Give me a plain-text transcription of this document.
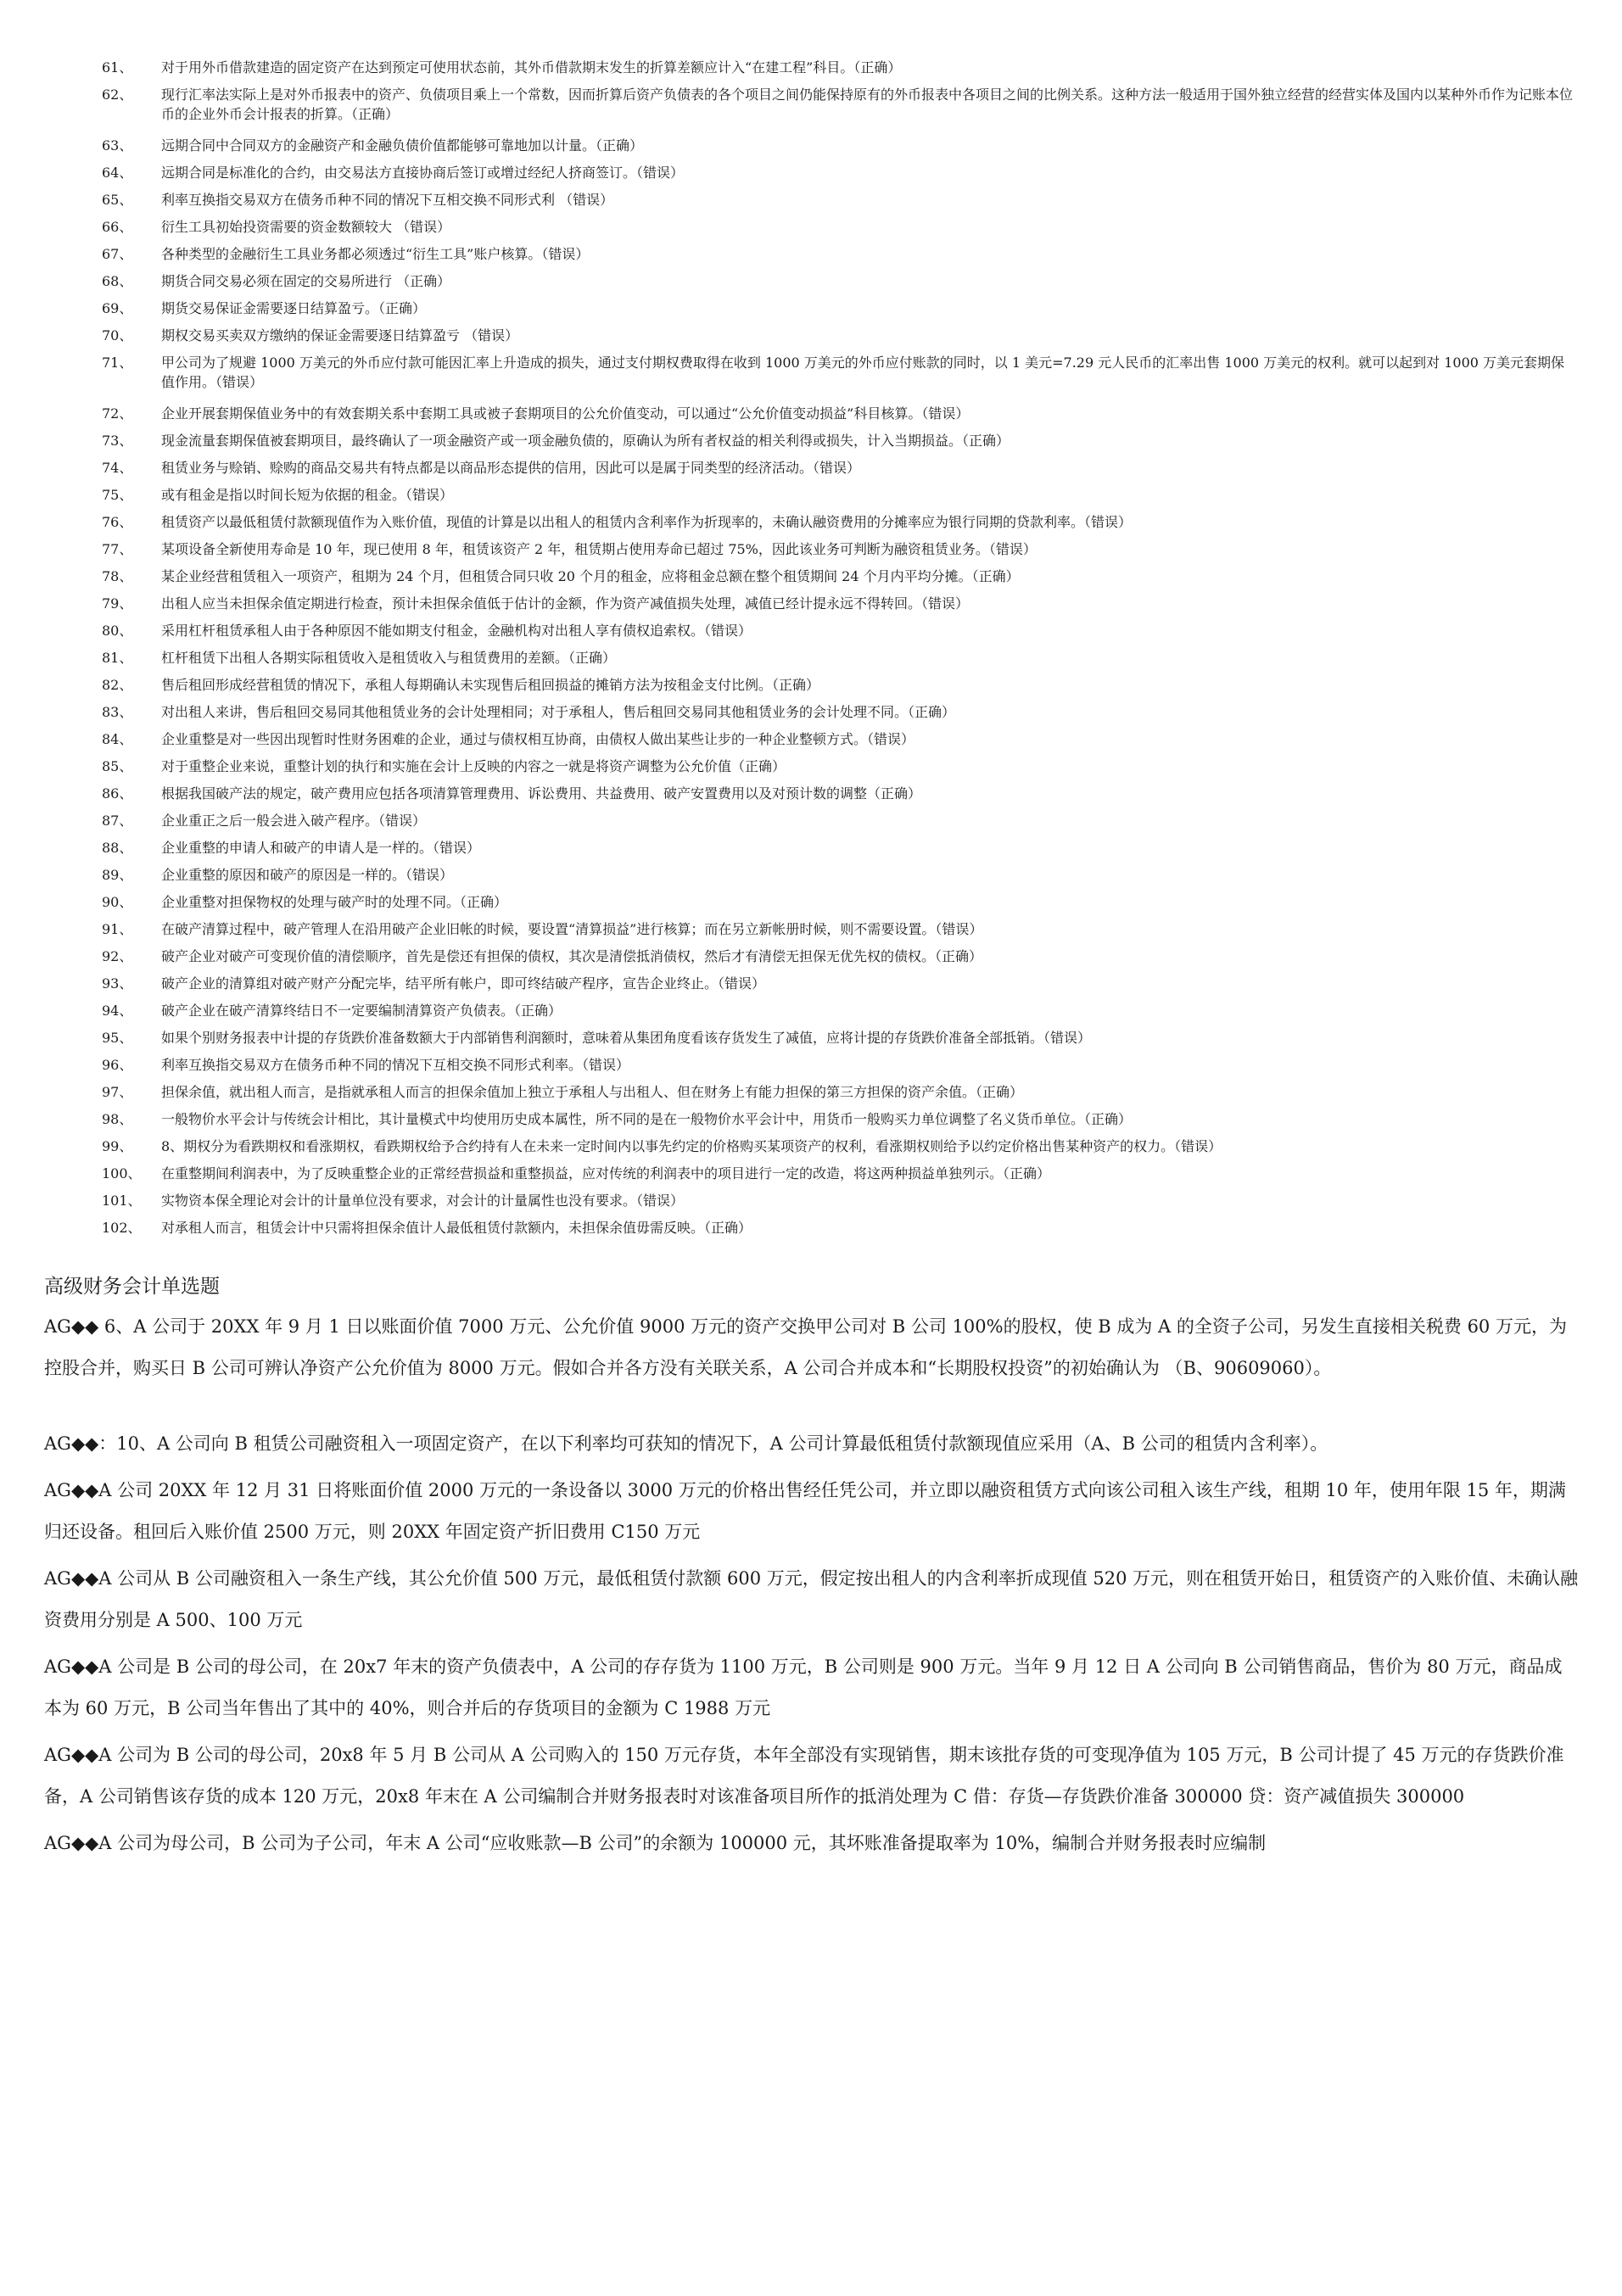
61、	对于用外币借款建造的固定资产在达到预定可使用状态前，其外币借款期末发生的折算差额应计入“在建工程”科目。（正确）
62、	现行汇率法实际上是对外币报表中的资产、负债项目乘上一个常数，因而折算后资产负债表的各个项目之间仍能保持原有的外币报表中各项目之间的比例关系。这种方法一般适用于国外独立经营的经营实体及国内以某种外币作为记账本位币的企业外币会计报表的折算。（正确）
63、	远期合同中合同双方的金融资产和金融负债价值都能够可靠地加以计量。（正确）
64、	远期合同是标准化的合约，由交易法方直接协商后签订或增过经纪人挤商签订。（错误）
65、	利率互换指交易双方在债务币种不同的情况下互相交换不同形式利 （错误）
66、	衍生工具初始投资需要的资金数额较大 （错误）
67、	各种类型的金融衍生工具业务都必须透过“衍生工具”账户核算。（错误）
68、	期货合同交易必须在固定的交易所进行 （正确）
69、	期货交易保证金需要逐日结算盈亏。（正确）
70、	期权交易买卖双方缴纳的保证金需要逐日结算盈亏 （错误）
71、	甲公司为了规避 1000 万美元的外币应付款可能因汇率上升造成的损失，通过支付期权费取得在收到 1000 万美元的外币应付账款的同时，以 1 美元=7.29 元人民币的汇率出售 1000 万美元的权利。就可以起到对 1000 万美元套期保值作用。（错误）
72、	企业开展套期保值业务中的有效套期关系中套期工具或被子套期项目的公允价值变动，可以通过“公允价值变动损益”科目核算。（错误）
73、	现金流量套期保值被套期项目，最终确认了一项金融资产或一项金融负债的，原确认为所有者权益的相关利得或损失，计入当期损益。（正确）
74、	租赁业务与赊销、赊购的商品交易共有特点都是以商品形态提供的信用，因此可以是属于同类型的经济活动。（错误）
75、	或有租金是指以时间长短为依据的租金。（错误）
76、	租赁资产以最低租赁付款额现值作为入账价值，现值的计算是以出租人的租赁内含利率作为折现率的，未确认融资费用的分摊率应为银行同期的贷款利率。（错误）
77、	某项设备全新使用寿命是 10 年，现已使用 8 年，租赁该资产 2 年，租赁期占使用寿命已超过 75%，因此该业务可判断为融资租赁业务。（错误）
78、	某企业经营租赁租入一项资产，租期为 24 个月，但租赁合同只收 20 个月的租金，应将租金总额在整个租赁期间 24 个月内平均分摊。（正确）
79、	出租人应当未担保余值定期进行检查，预计未担保余值低于估计的金额，作为资产减值损失处理，减值已经计提永远不得转回。（错误）
80、	采用杠杆租赁承租人由于各种原因不能如期支付租金，金融机构对出租人享有债权追索权。（错误）
81、	杠杆租赁下出租人各期实际租赁收入是租赁收入与租赁费用的差额。（正确）
82、	售后租回形成经营租赁的情况下，承租人每期确认未实现售后租回损益的摊销方法为按租金支付比例。（正确）
83、	对出租人来讲，售后租回交易同其他租赁业务的会计处理相同；对于承租人，售后租回交易同其他租赁业务的会计处理不同。（正确）
84、	企业重整是对一些因出现暂时性财务困难的企业，通过与债权相互协商，由债权人做出某些让步的一种企业整顿方式。（错误）
85、	对于重整企业来说，重整计划的执行和实施在会计上反映的内容之一就是将资产调整为公允价值（正确）
86、	根据我国破产法的规定，破产费用应包括各项清算管理费用、诉讼费用、共益费用、破产安置费用以及对预计数的调整（正确）
87、	企业重正之后一般会进入破产程序。（错误）
88、	企业重整的申请人和破产的申请人是一样的。（错误）
89、	企业重整的原因和破产的原因是一样的。（错误）
90、	企业重整对担保物权的处理与破产时的处理不同。（正确）
91、	在破产清算过程中，破产管理人在沿用破产企业旧帐的时候，要设置“清算损益”进行核算；而在另立新帐册时候，则不需要设置。（错误）
92、	破产企业对破产可变现价值的清偿顺序，首先是偿还有担保的债权，其次是清偿抵消债权，然后才有清偿无担保无优先权的债权。（正确）
93、	破产企业的清算组对破产财产分配完毕，结平所有帐户，即可终结破产程序，宣告企业终止。（错误）
94、	破产企业在破产清算终结日不一定要编制清算资产负债表。（正确）
95、	如果个别财务报表中计提的存货跌价准备数额大于内部销售利润额时，意味着从集团角度看该存货发生了减值，应将计提的存货跌价准备全部抵销。（错误）
96、	利率互换指交易双方在债务币种不同的情况下互相交换不同形式利率。（错误）
97、	担保余值，就出租人而言，是指就承租人而言的担保余值加上独立于承租人与出租人、但在财务上有能力担保的第三方担保的资产余值。（正确）
98、	一般物价水平会计与传统会计相比，其计量模式中均使用历史成本属性，所不同的是在一般物价水平会计中，用货币一般购买力单位调整了名义货币单位。（正确）
99、	8、期权分为看跌期权和看涨期权，看跌期权给予合约持有人在未来一定时间内以事先约定的价格购买某项资产的权利，看涨期权则给予以约定价格出售某种资产的权力。（错误）
100、	在重整期间利润表中，为了反映重整企业的正常经营损益和重整损益，应对传统的利润表中的项目进行一定的改造，将这两种损益单独列示。（正确）
101、	实物资本保全理论对会计的计量单位没有要求，对会计的计量属性也没有要求。（错误）
102、	对承租人而言，租赁会计中只需将担保余值计人最低租赁付款额内，未担保余值毋需反映。（正确）
高级财务会计单选题
AG◆◆ 6、A 公司于 20XX 年 9 月 1 日以账面价值 7000 万元、公允价值 9000 万元的资产交换甲公司对 B 公司 100%的股权，使 B 成为 A 的全资子公司，另发生直接相关税费 60 万元，为控股合并，购买日 B 公司可辨认净资产公允价值为 8000 万元。假如合并各方没有关联关系，A 公司合并成本和“长期股权投资”的初始确认为 （B、90609060）。
AG◆◆：10、A 公司向 B 租赁公司融资租入一项固定资产，在以下利率均可获知的情况下，A 公司计算最低租赁付款额现值应采用（A、B 公司的租赁内含利率）。
AG◆◆A 公司 20XX 年 12 月 31 日将账面价值 2000 万元的一条设备以 3000 万元的价格出售经任凭公司，并立即以融资租赁方式向该公司租入该生产线，租期 10 年，使用年限 15 年，期满归还设备。租回后入账价值 2500 万元，则 20XX 年固定资产折旧费用 C150 万元
AG◆◆A 公司从 B 公司融资租入一条生产线，其公允价值 500 万元，最低租赁付款额 600 万元，假定按出租人的内含利率折成现值 520 万元，则在租赁开始日，租赁资产的入账价值、未确认融资费用分别是 A 500、100 万元
AG◆◆A 公司是 B 公司的母公司，在 20x7 年末的资产负债表中，A 公司的存存货为 1100 万元，B 公司则是 900 万元。当年 9 月 12 日 A 公司向 B 公司销售商品，售价为 80 万元，商品成本为 60 万元，B 公司当年售出了其中的 40%，则合并后的存货项目的金额为 C 1988 万元
AG◆◆A 公司为 B 公司的母公司，20x8 年 5 月 B 公司从 A 公司购入的 150 万元存货，本年全部没有实现销售，期末该批存货的可变现净值为 105 万元，B 公司计提了 45 万元的存货跌价准备，A 公司销售该存货的成本 120 万元，20x8 年末在 A 公司编制合并财务报表时对该准备项目所作的抵消处理为 C 借：存货—存货跌价准备 300000 贷：资产减值损失 300000
AG◆◆A 公司为母公司，B 公司为子公司，年末 A 公司“应收账款—B 公司”的余额为 100000 元，其坏账准备提取率为 10%，编制合并财务报表时应编制
